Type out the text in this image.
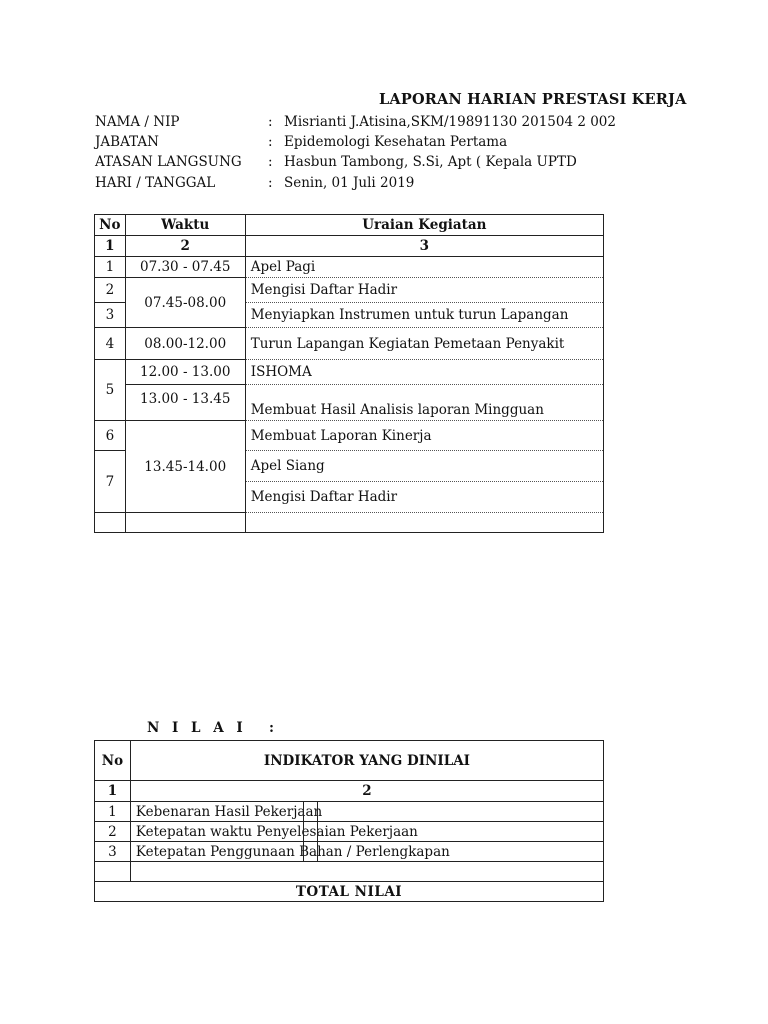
LAPORAN HARIAN PRESTASI KERJA
NAMA / NIP	: Misrianti J.Atisina,SKM/19891130 201504 2 002
JABATAN	: Epidemologi Kesehatan Pertama
ATASAN LANGSUNG : Hasbun Tambong, S.Si, Apt ( Kepala UPTD
HARI / TANGGAL	: Senin, 01 Juli 2019
No	Waktu	Uraian Kegiatan
1	2	3
1	07.30 - 07.45	Apel Pagi
2	07.45-08.00	Mengisi Daftar Hadir
3		Menyiapkan Instrumen untuk turun Lapangan
4	08.00-12.00	Turun Lapangan Kegiatan Pemetaan Penyakit
5	12.00 - 13.00	ISHOMA
	13.00 - 13.45	Membuat Hasil Analisis laporan Mingguan
6	13.45-14.00	Membuat Laporan Kinerja
7		Apel Siang
		Mengisi Daftar Hadir

N I L A I :
No	INDIKATOR YANG DINILAI
1	2
1	Kebenaran Hasil Pekerjaan
2	Ketepatan waktu Penyelesaian Pekerjaan
3	Ketepatan Penggunaan Bahan / Perlengkapan

TOTAL NILAI	
